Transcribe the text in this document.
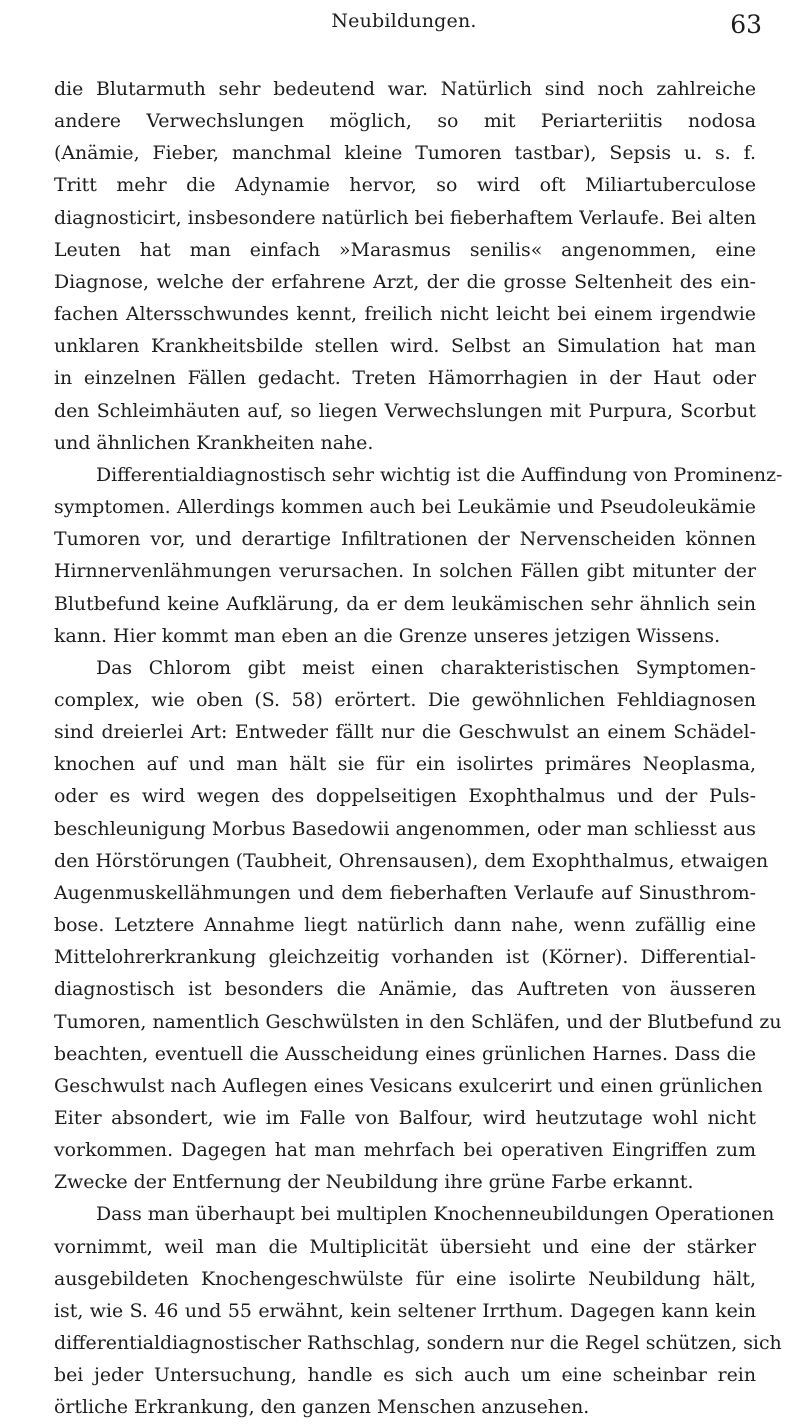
Neubildungen.	63
die Blutarmuth sehr bedeutend war. Natürlich sind noch zahlreiche
andere Verwechslungen möglich, so mit Periarteriitis nodosa
(Anämie, Fieber, manchmal kleine Tumoren tastbar), Sepsis u. s. f.
Tritt mehr die Adynamie hervor, so wird oft Miliartuberculose
diagnosticirt, insbesondere natürlich bei fieberhaftem Verlaufe. Bei alten
Leuten hat man einfach »Marasmus senilis« angenommen, eine
Diagnose, welche der erfahrene Arzt, der die grosse Seltenheit des ein-
fachen Altersschwundes kennt, freilich nicht leicht bei einem irgendwie
unklaren Krankheitsbilde stellen wird. Selbst an Simulation hat man
in einzelnen Fällen gedacht. Treten Hämorrhagien in der Haut oder
den Schleimhäuten auf, so liegen Verwechslungen mit Purpura, Scorbut
und ähnlichen Krankheiten nahe.
Differentialdiagnostisch sehr wichtig ist die Auffindung von Prominenz-
symptomen. Allerdings kommen auch bei Leukämie und Pseudoleukämie
Tumoren vor, und derartige Infiltrationen der Nervenscheiden können
Hirnnervenlähmungen verursachen. In solchen Fällen gibt mitunter der
Blutbefund keine Aufklärung, da er dem leukämischen sehr ähnlich sein
kann. Hier kommt man eben an die Grenze unseres jetzigen Wissens.
Das Chlorom gibt meist einen charakteristischen Symptomen-
complex, wie oben (S. 58) erörtert. Die gewöhnlichen Fehldiagnosen
sind dreierlei Art: Entweder fällt nur die Geschwulst an einem Schädel-
knochen auf und man hält sie für ein isolirtes primäres Neoplasma,
oder es wird wegen des doppelseitigen Exophthalmus und der Puls-
beschleunigung Morbus Basedowii angenommen, oder man schliesst aus
den Hörstörungen (Taubheit, Ohrensausen), dem Exophthalmus, etwaigen
Augenmuskellähmungen und dem fieberhaften Verlaufe auf Sinusthrom-
bose. Letztere Annahme liegt natürlich dann nahe, wenn zufällig eine
Mittelohrerkrankung gleichzeitig vorhanden ist (Körner). Differential-
diagnostisch ist besonders die Anämie, das Auftreten von äusseren
Tumoren, namentlich Geschwülsten in den Schläfen, und der Blutbefund zu
beachten, eventuell die Ausscheidung eines grünlichen Harnes. Dass die
Geschwulst nach Auflegen eines Vesicans exulcerirt und einen grünlichen
Eiter absondert, wie im Falle von Balfour, wird heutzutage wohl nicht
vorkommen. Dagegen hat man mehrfach bei operativen Eingriffen zum
Zwecke der Entfernung der Neubildung ihre grüne Farbe erkannt.
Dass man überhaupt bei multiplen Knochenneubildungen Operationen
vornimmt, weil man die Multiplicität übersieht und eine der stärker
ausgebildeten Knochengeschwülste für eine isolirte Neubildung hält,
ist, wie S. 46 und 55 erwähnt, kein seltener Irrthum. Dagegen kann kein
differentialdiagnostischer Rathschlag, sondern nur die Regel schützen, sich
bei jeder Untersuchung, handle es sich auch um eine scheinbar rein
örtliche Erkrankung, den ganzen Menschen anzusehen.
